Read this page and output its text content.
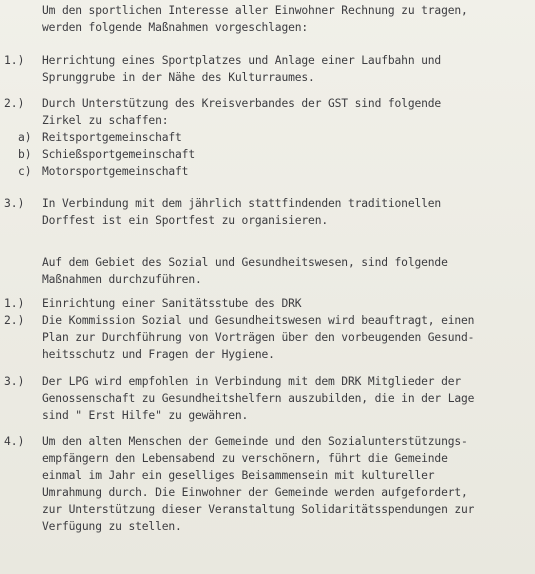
Um den sportlichen Interesse aller Einwohner Rechnung zu tragen,
werden folgende Maßnahmen vorgeschlagen:
1.) Herrichtung eines Sportplatzes und Anlage einer Laufbahn und
Sprunggrube in der Nähe des Kulturraumes.
2.) Durch Unterstützung des Kreisverbandes der GST sind folgende
Zirkel zu schaffen:
a) Reitsportgemeinschaft
b) Schießsportgemeinschaft
c) Motorsportgemeinschaft
3.) In Verbindung mit dem jährlich stattfindenden traditionellen
Dorffest ist ein Sportfest zu organisieren.
Auf dem Gebiet des Sozial und Gesundheitswesen, sind folgende
Maßnahmen durchzuführen.
1.) Einrichtung einer Sanitätsstube des DRK
2.) Die Kommission Sozial und Gesundheitswesen wird beauftragt, einen
Plan zur Durchführung von Vorträgen über den vorbeugenden Gesund-
heitsschutz und Fragen der Hygiene.
3.) Der LPG wird empfohlen in Verbindung mit dem DRK Mitglieder der
Genossenschaft zu Gesundheitshelfern auszubilden, die in der Lage
sind " Erst Hilfe" zu gewähren.
4.) Um den alten Menschen der Gemeinde und den Sozialunterstützungs-
empfängern den Lebensabend zu verschönern, führt die Gemeinde
einmal im Jahr ein geselliges Beisammensein mit kultureller
Umrahmung durch. Die Einwohner der Gemeinde werden aufgefordert,
zur Unterstützung dieser Veranstaltung Solidaritätsspendungen zur
Verfügung zu stellen.
